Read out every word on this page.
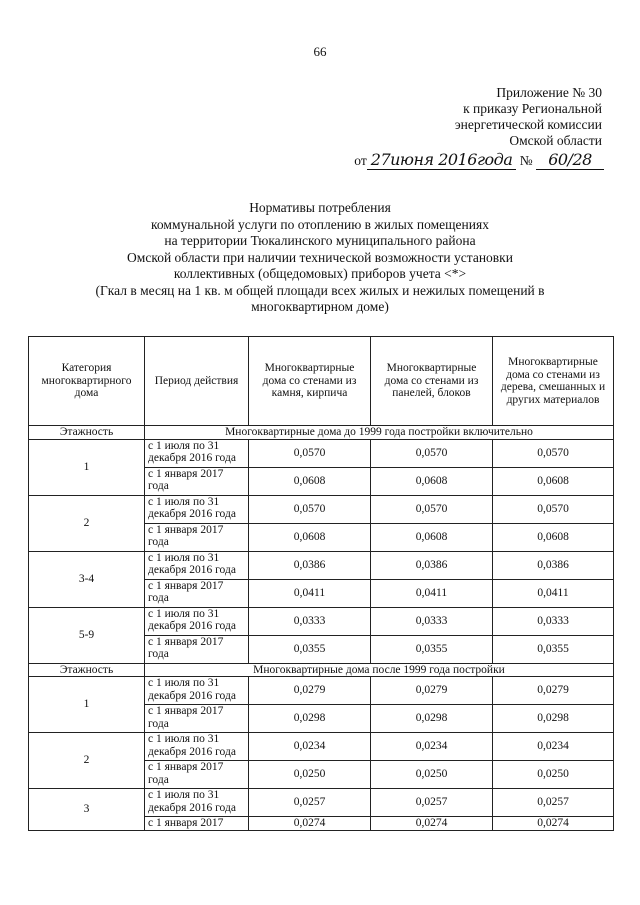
66
Приложение № 30
к приказу Региональной
энергетической комиссии
Омской области
от 27июня 2016года № 60/28
Нормативы потребления
коммунальной услуги по отоплению в жилых помещениях
на территории Тюкалинского муниципального района
Омской области при наличии технической возможности установки
коллективных (общедомовых) приборов учета <*>
(Гкал в месяц на 1 кв. м общей площади всех жилых и нежилых помещений в
многоквартирном доме)
Категория многоквартирного дома	Период действия	Многоквартирные дома со стенами из камня, кирпича	Многоквартирные дома со стенами из панелей, блоков	Многоквартирные дома со стенами из дерева, смешанных и других материалов
Этажность	Многоквартирные дома до 1999 года постройки включительно			
1	с 1 июля по 31 декабря 2016 года	0,0570	0,0570	0,0570
	с 1 января 2017 года	0,0608	0,0608	0,0608
2	с 1 июля по 31 декабря 2016 года	0,0570	0,0570	0,0570
	с 1 января 2017 года	0,0608	0,0608	0,0608
3-4	с 1 июля по 31 декабря 2016 года	0,0386	0,0386	0,0386
	с 1 января 2017 года	0,0411	0,0411	0,0411
5-9	с 1 июля по 31 декабря 2016 года	0,0333	0,0333	0,0333
	с 1 января 2017 года	0,0355	0,0355	0,0355
Этажность	Многоквартирные дома после 1999 года постройки			
1	с 1 июля по 31 декабря 2016 года	0,0279	0,0279	0,0279
	с 1 января 2017 года	0,0298	0,0298	0,0298
2	с 1 июля по 31 декабря 2016 года	0,0234	0,0234	0,0234
	с 1 января 2017 года	0,0250	0,0250	0,0250
3	с 1 июля по 31 декабря 2016 года	0,0257	0,0257	0,0257
	с 1 января 2017	0,0274	0,0274	0,0274
